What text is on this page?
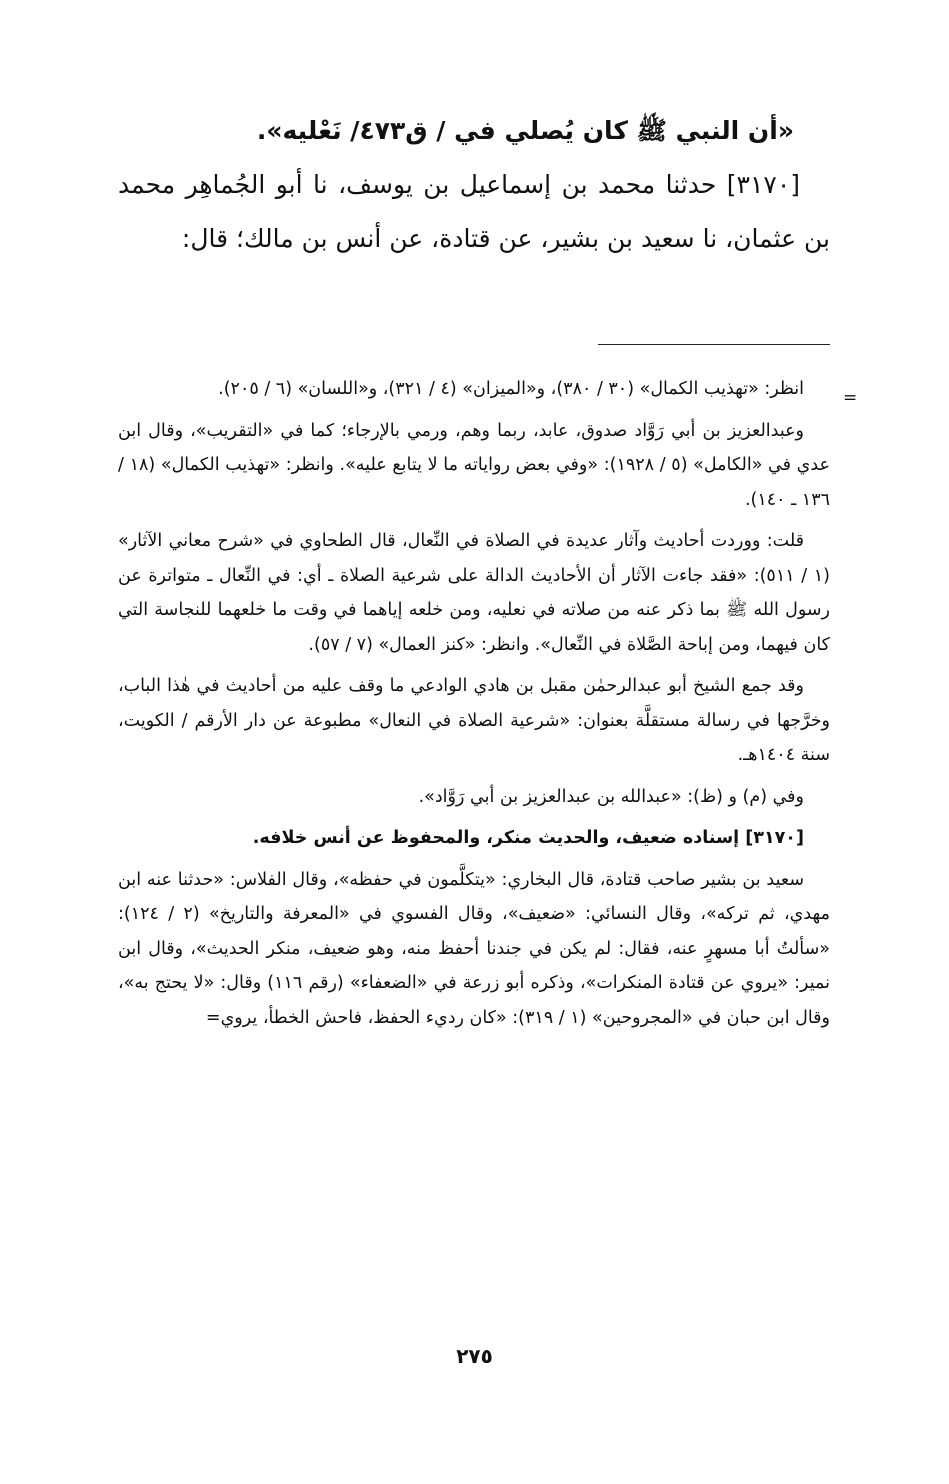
«أن النبي ﷺ كان يُصلي في / ق٤٧٣/ نَعْليه».
[٣١٧٠] حدثنا محمد بن إسماعيل بن يوسف، نا أبو الجُماهِر محمد بن عثمان، نا سعيد بن بشير، عن قتادة، عن أنس بن مالك؛ قال:
=

انظر: «تهذيب الكمال» (٣٠ / ٣٨٠)، و«الميزان» (٤ / ٣٢١)، و«اللسان» (٦ / ٢٠٥).

وعبدالعزيز بن أبي رَوَّاد صدوق، عابد، ربما وهم، ورمي بالإرجاء؛ كما في «التقريب»، وقال ابن عدي في «الكامل» (٥ / ١٩٢٨): «وفي بعض رواياته ما لا يتابع عليه». وانظر: «تهذيب الكمال» (١٨ / ١٣٦ ـ ١٤٠).

قلت: ووردت أحاديث وآثار عديدة في الصلاة في النِّعال، قال الطحاوي في «شرح معاني الآثار» (١ / ٥١١): «فقد جاءت الآثار أن الأحاديث الدالة على شرعية الصلاة ـ أي: في النِّعال ـ متواترة عن رسول الله ﷺ بما ذكر عنه من صلاته في نعليه، ومن خلعه إياهما في وقت ما خلعهما للنجاسة التي كان فيهما، ومن إباحة الصَّلاة في النِّعال». وانظر: «كنز العمال» (٧ / ٥٧).

وقد جمع الشيخ أبو عبدالرحمٰن مقبل بن هادي الوادعي ما وقف عليه من أحاديث في هٰذا الباب، وخرَّجها في رسالة مستقلَّة بعنوان: «شرعية الصلاة في النعال» مطبوعة عن دار الأرقم / الكويت، سنة ١٤٠٤هـ.

وفي (م) و (ظ): «عبدالله بن عبدالعزيز بن أبي رَوَّاد».

[٣١٧٠] إسناده ضعيف، والحديث منكر، والمحفوظ عن أنس خلافه.

سعيد بن بشير صاحب قتادة، قال البخاري: «يتكلَّمون في حفظه»، وقال الفلاس: «حدثنا عنه ابن مهدي، ثم تركه»، وقال النسائي: «ضعيف»، وقال الفسوي في «المعرفة والتاريخ» (٢ / ١٢٤): «سألتُ أبا مسهرٍ عنه، فقال: لم يكن في جندنا أحفظ منه، وهو ضعيف، منكر الحديث»، وقال ابن نمير: «يروي عن قتادة المنكرات»، وذكره أبو زرعة في «الضعفاء» (رقم ١١٦) وقال: «لا يحتج به»، وقال ابن حبان في «المجروحين» (١ / ٣١٩): «كان رديء الحفظ، فاحش الخطأ، يروي=

٢٧٥
